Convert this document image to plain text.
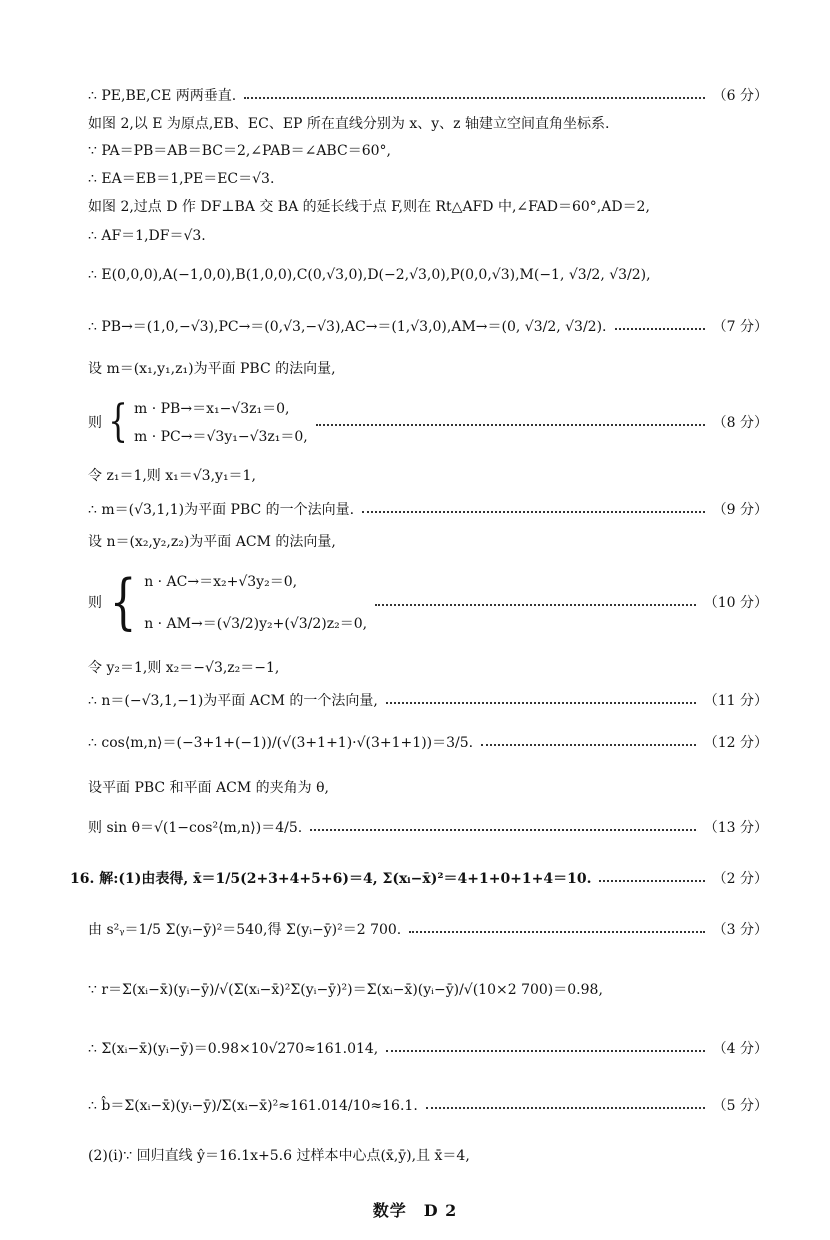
∴ PE,BE,CE 两两垂直.	（6 分）
如图 2,以 E 为原点,EB、EC、EP 所在直线分别为 x、y、z 轴建立空间直角坐标系.
∵ PA＝PB＝AB＝BC＝2,∠PAB＝∠ABC＝60°,
∴ EA＝EB＝1,PE＝EC＝√3.
如图 2,过点 D 作 DF⊥BA 交 BA 的延长线于点 F,则在 Rt△AFD 中,∠FAD＝60°,AD＝2,
∴ AF＝1,DF＝√3.
∴ E(0,0,0),A(−1,0,0),B(1,0,0),C(0,√3,0),D(−2,√3,0),P(0,0,√3),M(−1, √3/2, √3/2),
∴ PB→＝(1,0,−√3),PC→＝(0,√3,−√3),AC→＝(1,√3,0),AM→＝(0, √3/2, √3/2).	（7 分）
设 m＝(x₁,y₁,z₁)为平面 PBC 的法向量,
则 { m · PB→＝x₁−√3z₁＝0,
m · PC→＝√3y₁−√3z₁＝0,
（8 分）
令 z₁＝1,则 x₁＝√3,y₁＝1,
∴ m＝(√3,1,1)为平面 PBC 的一个法向量.	（9 分）
设 n＝(x₂,y₂,z₂)为平面 ACM 的法向量,
则 { n · AC→＝x₂+√3y₂＝0,
n · AM→＝(√3/2)y₂+(√3/2)z₂＝0,
（10 分）
令 y₂＝1,则 x₂＝−√3,z₂＝−1,
∴ n＝(−√3,1,−1)为平面 ACM 的一个法向量,	（11 分）
∴ cos⟨m,n⟩＝(−3+1+(−1))/(√(3+1+1)·√(3+1+1))＝3/5.	（12 分）
设平面 PBC 和平面 ACM 的夹角为 θ,
则 sin θ＝√(1−cos²⟨m,n⟩)＝4/5.	（13 分）
16. 解:(1)由表得, x̄＝1/5(2+3+4+5+6)＝4, Σ(xᵢ−x̄)²＝4+1+0+1+4＝10.	（2 分）
由 s²ᵧ＝1/5 Σ(yᵢ−ȳ)²＝540,得 Σ(yᵢ−ȳ)²＝2 700.	（3 分）
∵ r＝Σ(xᵢ−x̄)(yᵢ−ȳ)/√(Σ(xᵢ−x̄)²Σ(yᵢ−ȳ)²)＝Σ(xᵢ−x̄)(yᵢ−ȳ)/√(10×2 700)＝0.98,
∴ Σ(xᵢ−x̄)(yᵢ−ȳ)＝0.98×10√270≈161.014,	（4 分）
∴ b̂＝Σ(xᵢ−x̄)(yᵢ−ȳ)/Σ(xᵢ−x̄)²≈161.014/10≈16.1.	（5 分）
(2)(ⅰ)∵ 回归直线 ŷ＝16.1x+5.6 过样本中心点(x̄,ȳ),且 x̄＝4,
数学　D 2
